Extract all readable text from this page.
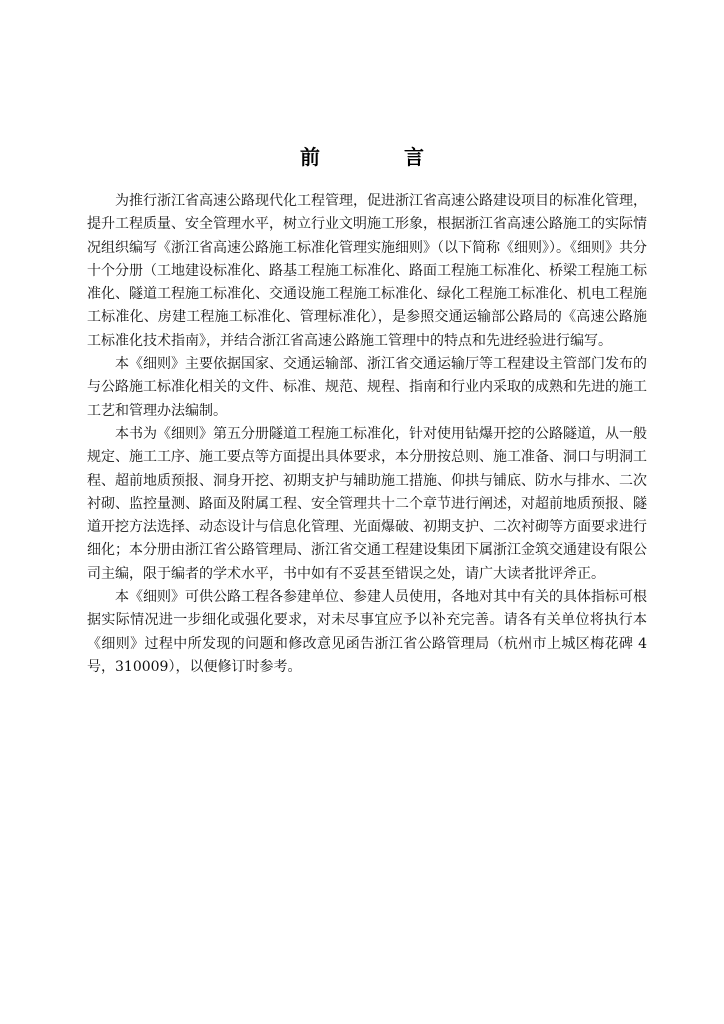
前　言

为推行浙江省高速公路现代化工程管理，促进浙江省高速公路建设项目的标准化管理，提升工程质量、安全管理水平，树立行业文明施工形象，根据浙江省高速公路施工的实际情况组织编写《浙江省高速公路施工标准化管理实施细则》（以下简称《细则》）。《细则》共分十个分册（工地建设标准化、路基工程施工标准化、路面工程施工标准化、桥梁工程施工标准化、隧道工程施工标准化、交通设施工程施工标准化、绿化工程施工标准化、机电工程施工标准化、房建工程施工标准化、管理标准化），是参照交通运输部公路局的《高速公路施工标准化技术指南》，并结合浙江省高速公路施工管理中的特点和先进经验进行编写。

本《细则》主要依据国家、交通运输部、浙江省交通运输厅等工程建设主管部门发布的与公路施工标准化相关的文件、标准、规范、规程、指南和行业内采取的成熟和先进的施工工艺和管理办法编制。

本书为《细则》第五分册隧道工程施工标准化，针对使用钻爆开挖的公路隧道，从一般规定、施工工序、施工要点等方面提出具体要求，本分册按总则、施工准备、洞口与明洞工程、超前地质预报、洞身开挖、初期支护与辅助施工措施、仰拱与铺底、防水与排水、二次衬砌、监控量测、路面及附属工程、安全管理共十二个章节进行阐述，对超前地质预报、隧道开挖方法选择、动态设计与信息化管理、光面爆破、初期支护、二次衬砌等方面要求进行细化；本分册由浙江省公路管理局、浙江省交通工程建设集团下属浙江金筑交通建设有限公司主编，限于编者的学术水平，书中如有不妥甚至错误之处，请广大读者批评斧正。

本《细则》可供公路工程各参建单位、参建人员使用，各地对其中有关的具体指标可根据实际情况进一步细化或强化要求，对未尽事宜应予以补充完善。请各有关单位将执行本《细则》过程中所发现的问题和修改意见函告浙江省公路管理局（杭州市上城区梅花碑 4 号，310009），以便修订时参考。
